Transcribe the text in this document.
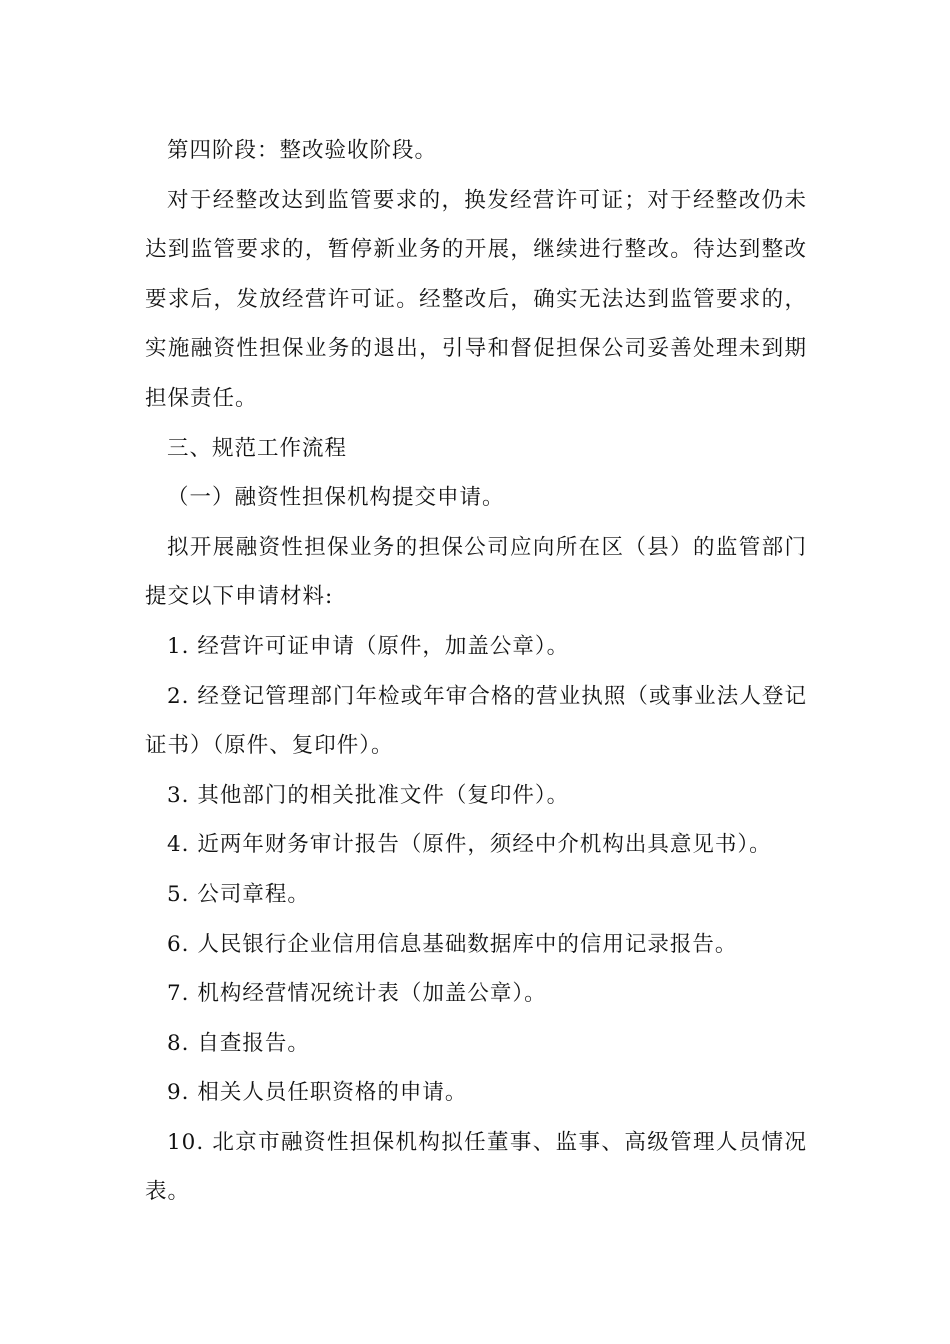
第四阶段：整改验收阶段。

对于经整改达到监管要求的，换发经营许可证；对于经整改仍未达到监管要求的，暂停新业务的开展，继续进行整改。待达到整改要求后，发放经营许可证。经整改后，确实无法达到监管要求的，实施融资性担保业务的退出，引导和督促担保公司妥善处理未到期担保责任。

三、规范工作流程

（一）融资性担保机构提交申请。

拟开展融资性担保业务的担保公司应向所在区（县）的监管部门提交以下申请材料:

1. 经营许可证申请（原件，加盖公章）。

2. 经登记管理部门年检或年审合格的营业执照（或事业法人登记证书）（原件、复印件）。

3. 其他部门的相关批准文件（复印件）。

4. 近两年财务审计报告（原件，须经中介机构出具意见书）。

5. 公司章程。

6. 人民银行企业信用信息基础数据库中的信用记录报告。

7. 机构经营情况统计表（加盖公章）。

8. 自查报告。

9. 相关人员任职资格的申请。

10. 北京市融资性担保机构拟任董事、监事、高级管理人员情况表。
